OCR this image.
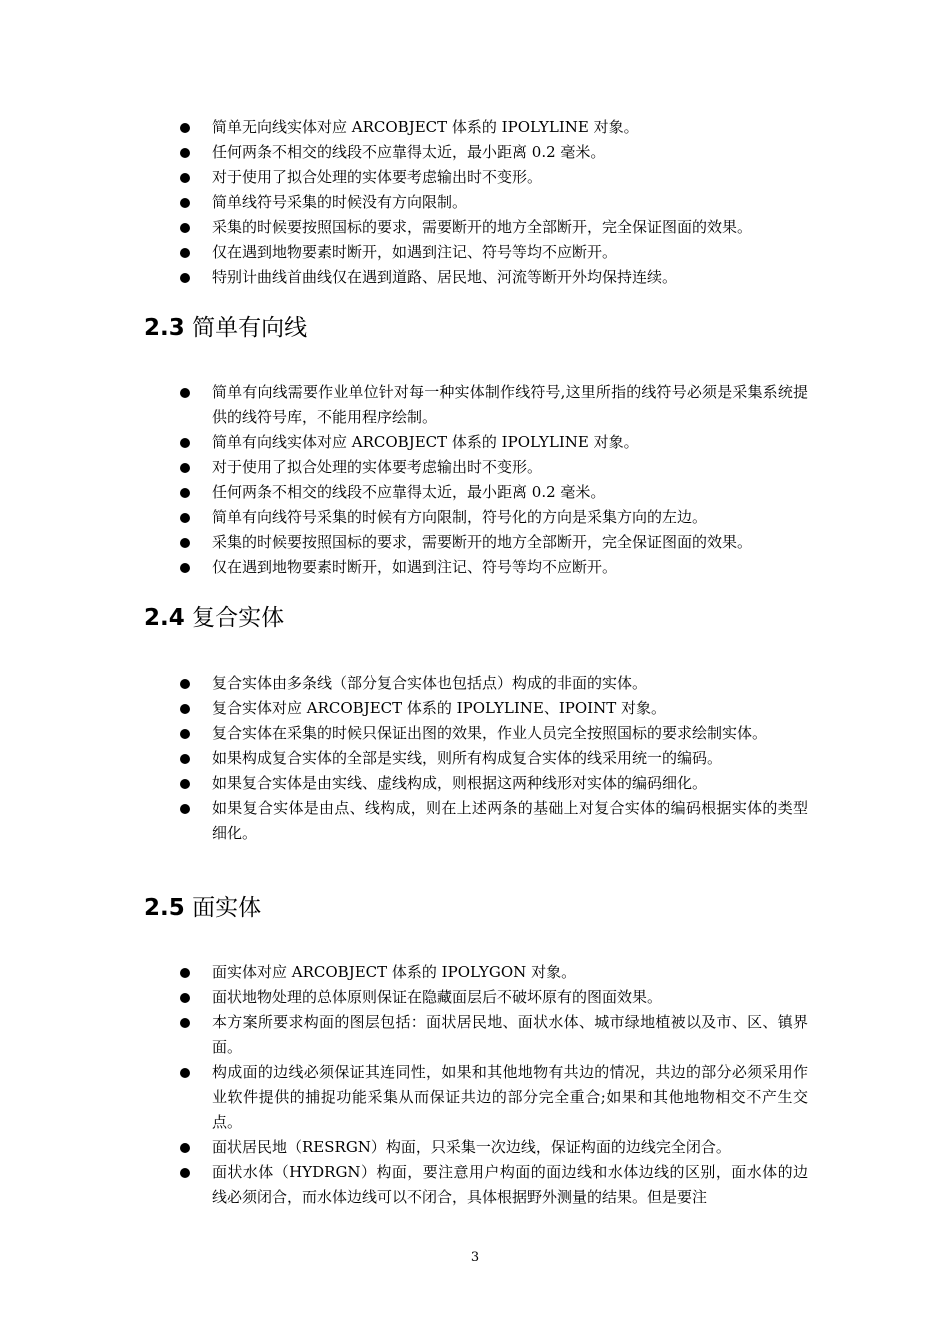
简单无向线实体对应 ARCOBJECT 体系的 IPOLYLINE 对象。
任何两条不相交的线段不应靠得太近，最小距离 0.2 毫米。
对于使用了拟合处理的实体要考虑输出时不变形。
简单线符号采集的时候没有方向限制。
采集的时候要按照国标的要求，需要断开的地方全部断开，完全保证图面的效果。
仅在遇到地物要素时断开，如遇到注记、符号等均不应断开。
特别计曲线首曲线仅在遇到道路、居民地、河流等断开外均保持连续。
2.3 简单有向线
简单有向线需要作业单位针对每一种实体制作线符号,这里所指的线符号必须是采集系统提供的线符号库，不能用程序绘制。
简单有向线实体对应 ARCOBJECT 体系的 IPOLYLINE 对象。
对于使用了拟合处理的实体要考虑输出时不变形。
任何两条不相交的线段不应靠得太近，最小距离 0.2 毫米。
简单有向线符号采集的时候有方向限制，符号化的方向是采集方向的左边。
采集的时候要按照国标的要求，需要断开的地方全部断开，完全保证图面的效果。
仅在遇到地物要素时断开，如遇到注记、符号等均不应断开。
2.4 复合实体
复合实体由多条线（部分复合实体也包括点）构成的非面的实体。
复合实体对应 ARCOBJECT 体系的 IPOLYLINE、IPOINT 对象。
复合实体在采集的时候只保证出图的效果，作业人员完全按照国标的要求绘制实体。
如果构成复合实体的全部是实线，则所有构成复合实体的线采用统一的编码。
如果复合实体是由实线、虚线构成，则根据这两种线形对实体的编码细化。
如果复合实体是由点、线构成，则在上述两条的基础上对复合实体的编码根据实体的类型细化。
2.5 面实体
面实体对应 ARCOBJECT 体系的 IPOLYGON 对象。
面状地物处理的总体原则保证在隐藏面层后不破坏原有的图面效果。
本方案所要求构面的图层包括：面状居民地、面状水体、城市绿地植被以及市、区、镇界面。
构成面的边线必须保证其连同性，如果和其他地物有共边的情况，共边的部分必须采用作业软件提供的捕捉功能采集从而保证共边的部分完全重合;如果和其他地物相交不产生交点。
面状居民地（RESRGN）构面，只采集一次边线，保证构面的边线完全闭合。
面状水体（HYDRGN）构面，要注意用户构面的面边线和水体边线的区别，面水体的边线必须闭合，而水体边线可以不闭合，具体根据野外测量的结果。但是要注
3
